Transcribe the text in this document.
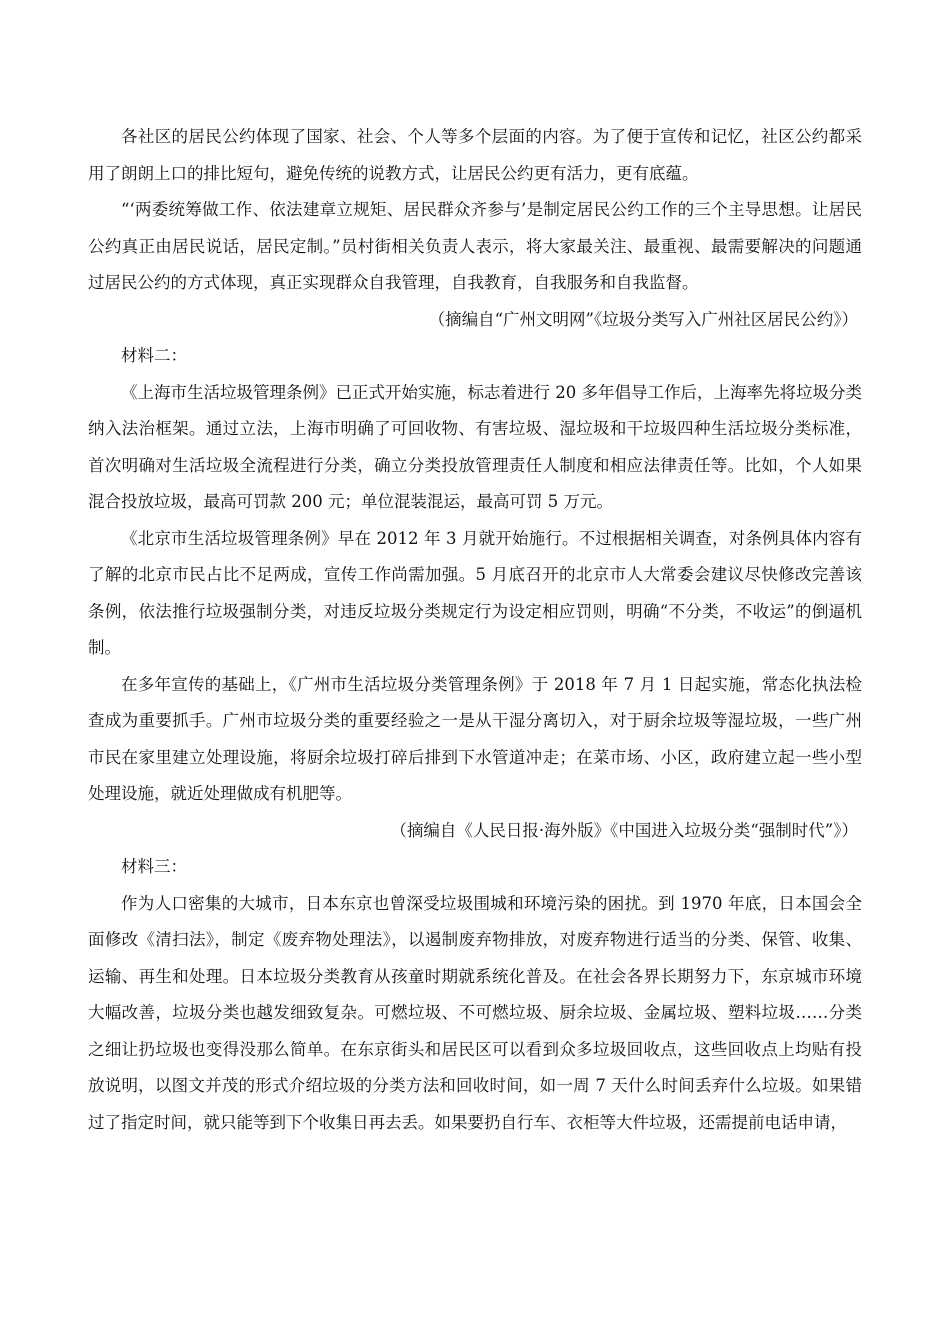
各社区的居民公约体现了国家、社会、个人等多个层面的内容。为了便于宣传和记忆，社区公约都采用了朗朗上口的排比短句，避免传统的说教方式，让居民公约更有活力，更有底蕴。

“‘两委统筹做工作、依法建章立规矩、居民群众齐参与’是制定居民公约工作的三个主导思想。让居民公约真正由居民说话，居民定制。”员村街相关负责人表示，将大家最关注、最重视、最需要解决的问题通过居民公约的方式体现，真正实现群众自我管理，自我教育，自我服务和自我监督。

（摘编自“广州文明网”《垃圾分类写入广州社区居民公约》）

材料二：

《上海市生活垃圾管理条例》已正式开始实施，标志着进行 20 多年倡导工作后，上海率先将垃圾分类纳入法治框架。通过立法，上海市明确了可回收物、有害垃圾、湿垃圾和干垃圾四种生活垃圾分类标准，首次明确对生活垃圾全流程进行分类，确立分类投放管理责任人制度和相应法律责任等。比如，个人如果混合投放垃圾，最高可罚款 200 元；单位混装混运，最高可罚 5 万元。

《北京市生活垃圾管理条例》早在 2012 年 3 月就开始施行。不过根据相关调查，对条例具体内容有了解的北京市民占比不足两成，宣传工作尚需加强。5 月底召开的北京市人大常委会建议尽快修改完善该条例，依法推行垃圾强制分类，对违反垃圾分类规定行为设定相应罚则，明确“不分类，不收运”的倒逼机制。

在多年宣传的基础上，《广州市生活垃圾分类管理条例》于 2018 年 7 月 1 日起实施，常态化执法检查成为重要抓手。广州市垃圾分类的重要经验之一是从干湿分离切入，对于厨余垃圾等湿垃圾，一些广州市民在家里建立处理设施，将厨余垃圾打碎后排到下水管道冲走；在菜市场、小区，政府建立起一些小型处理设施，就近处理做成有机肥等。

（摘编自《人民日报·海外版》《中国进入垃圾分类“强制时代”》）

材料三：

作为人口密集的大城市，日本东京也曾深受垃圾围城和环境污染的困扰。到 1970 年底，日本国会全面修改《清扫法》，制定《废弃物处理法》，以遏制废弃物排放，对废弃物进行适当的分类、保管、收集、运输、再生和处理。日本垃圾分类教育从孩童时期就系统化普及。在社会各界长期努力下，东京城市环境大幅改善，垃圾分类也越发细致复杂。可燃垃圾、不可燃垃圾、厨余垃圾、金属垃圾、塑料垃圾……分类之细让扔垃圾也变得没那么简单。在东京街头和居民区可以看到众多垃圾回收点，这些回收点上均贴有投放说明，以图文并茂的形式介绍垃圾的分类方法和回收时间，如一周 7 天什么时间丢弃什么垃圾。如果错过了指定时间，就只能等到下个收集日再去丢。如果要扔自行车、衣柜等大件垃圾，还需提前电话申请，
